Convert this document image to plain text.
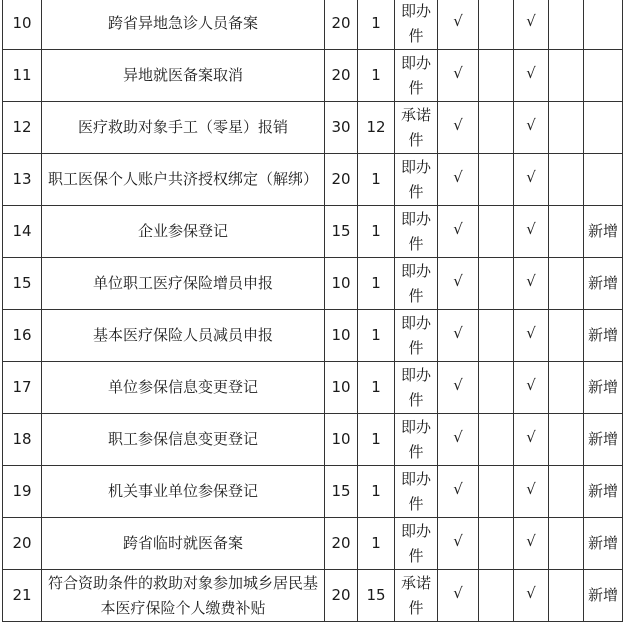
10	跨省异地急诊人员备案	20	1	即办件	√		√		
11	异地就医备案取消	20	1	即办件	√		√		
12	医疗救助对象手工（零星）报销	30	12	承诺件	√		√		
13	职工医保个人账户共济授权绑定（解绑）	20	1	即办件	√		√		
14	企业参保登记	15	1	即办件	√		√		新增
15	单位职工医疗保险增员申报	10	1	即办件	√		√		新增
16	基本医疗保险人员减员申报	10	1	即办件	√		√		新增
17	单位参保信息变更登记	10	1	即办件	√		√		新增
18	职工参保信息变更登记	10	1	即办件	√		√		新增
19	机关事业单位参保登记	15	1	即办件	√		√		新增
20	跨省临时就医备案	20	1	即办件	√		√		新增
21	符合资助条件的救助对象参加城乡居民基本医疗保险个人缴费补贴	20	15	承诺件	√		√		新增
